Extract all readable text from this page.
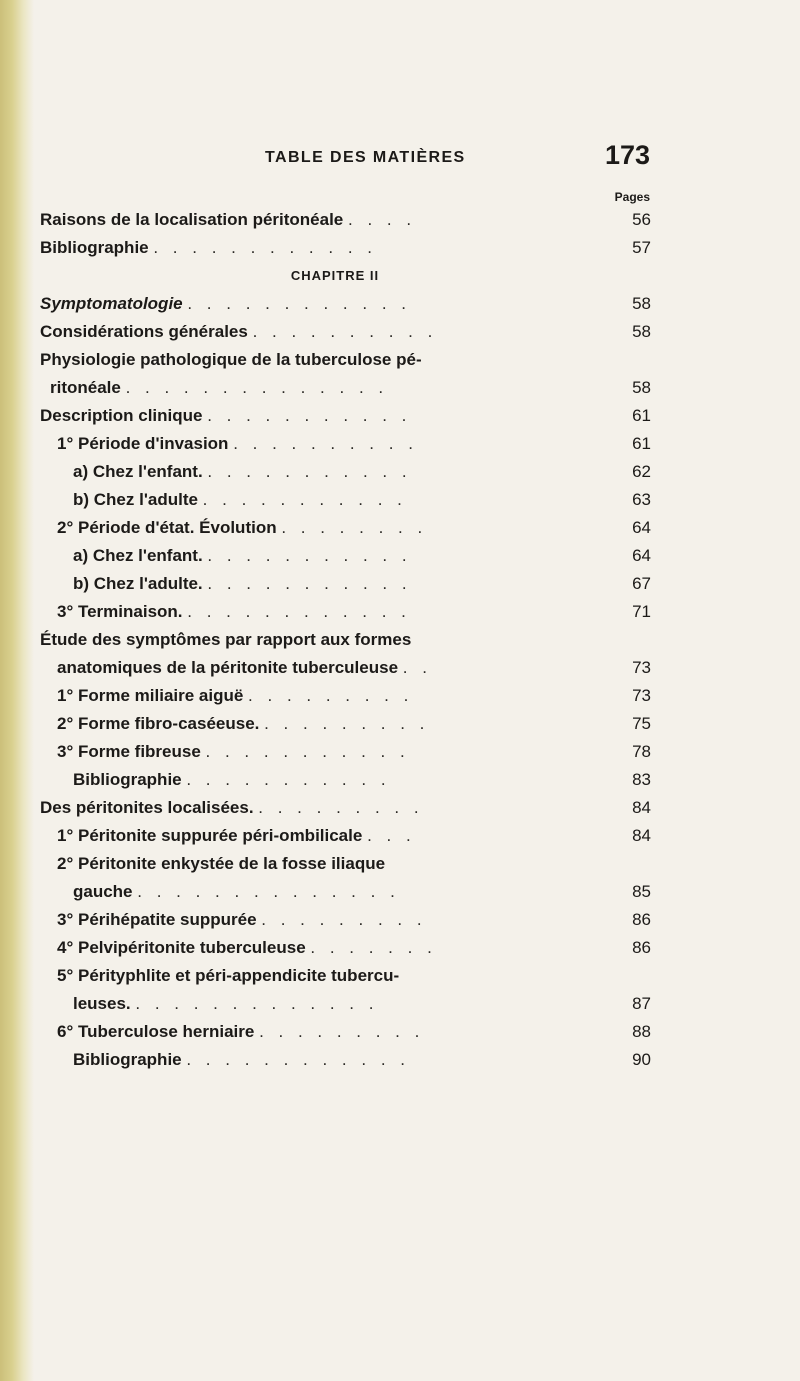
TABLE DES MATIÈRES	173
Pages
Raisons de la localisation péritonéale . . . .	56
Bibliographie . . . . . . . . . . . .	57
CHAPITRE II
Symptomatologie . . . . . . . . . . . .	58
Considérations générales . . . . . . . . . .	58
Physiologie pathologique de la tuberculose pé-
ritonéale . . . . . . . . . . . . . .	58
Description clinique . . . . . . . . . . .	61
1° Période d'invasion . . . . . . . . . .	61
a) Chez l'enfant. . . . . . . . . . . .	62
b) Chez l'adulte . . . . . . . . . . .	63
2° Période d'état. Évolution . . . . . . . .	64
a) Chez l'enfant. . . . . . . . . . . .	64
b) Chez l'adulte. . . . . . . . . . . .	67
3° Terminaison. . . . . . . . . . . . .	71
Étude des symptômes par rapport aux formes
anatomiques de la péritonite tuberculeuse . .	73
1° Forme miliaire aiguë . . . . . . . . .	73
2° Forme fibro-caséeuse. . . . . . . . . .	75
3° Forme fibreuse . . . . . . . . . . .	78
Bibliographie . . . . . . . . . . .	83
Des péritonites localisées. . . . . . . . . .	84
1° Péritonite suppurée péri-ombilicale . . .	84
2° Péritonite enkystée de la fosse iliaque
gauche . . . . . . . . . . . . . .	85
3° Périhépatite suppurée . . . . . . . . .	86
4° Pelvipéritonite tuberculeuse . . . . . . .	86
5° Pérityphlite et péri-appendicite tubercu-
leuses. . . . . . . . . . . . . .	87
6° Tuberculose herniaire . . . . . . . . .	88
Bibliographie . . . . . . . . . . . .	90
